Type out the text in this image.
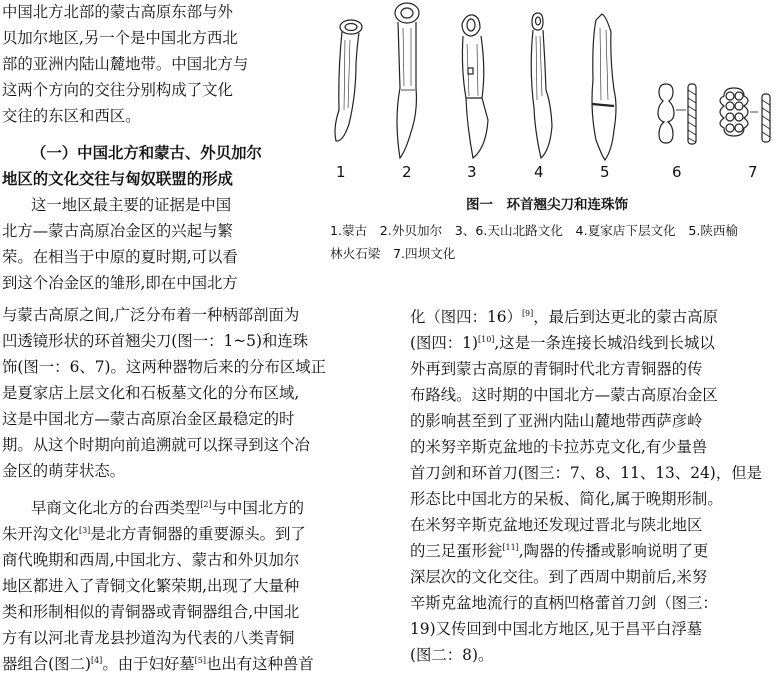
中国北方北部的蒙古高原东部与外
贝加尔地区,另一个是中国北方西北
部的亚洲内陆山麓地带。中国北方与
这两个方向的交往分别构成了文化
交往的东区和西区。
（一）中国北方和蒙古、外贝加尔
地区的文化交往与匈奴联盟的形成
这一地区最主要的证据是中国
北方—蒙古高原冶金区的兴起与繁
荣。在相当于中原的夏时期,可以看
到这个冶金区的雏形,即在中国北方
与蒙古高原之间,广泛分布着一种柄部剖面为
凹透镜形状的环首翘尖刀(图一：1~5)和连珠
饰(图一：6、7)。这两种器物后来的分布区域正
是夏家店上层文化和石板墓文化的分布区域,
这是中国北方—蒙古高原冶金区最稳定的时
期。从这个时期向前追溯就可以探寻到这个冶
金区的萌芽状态。
早商文化北方的台西类型[2]与中国北方的
朱开沟文化[3]是北方青铜器的重要源头。到了
商代晚期和西周,中国北方、蒙古和外贝加尔
地区都进入了青铜文化繁荣期,出现了大量种
类和形制相似的青铜器或青铜器组合,中国北
方有以河北青龙县抄道沟为代表的八类青铜
器组合(图二)[4]。由于妇好墓[5]也出有这种兽首
化（图四：16）[9]，最后到达更北的蒙古高原
(图四：1)[10],这是一条连接长城沿线到长城以
外再到蒙古高原的青铜时代北方青铜器的传
布路线。这时期的中国北方—蒙古高原冶金区
的影响甚至到了亚洲内陆山麓地带西萨彦岭
的米努辛斯克盆地的卡拉苏克文化,有少量兽
首刀剑和环首刀(图三：7、8、11、13、24)，但是
形态比中国北方的呆板、简化,属于晚期形制。
在米努辛斯克盆地还发现过晋北与陕北地区
的三足蛋形瓮[11],陶器的传播或影响说明了更
深层次的文化交往。到了西周中期前后,米努
辛斯克盆地流行的直柄凹格蕾首刀剑（图三：
19)又传回到中国北方地区,见于昌平白浮墓
(图二：8)。
1	2	3	4	5	6	7
图一　环首翘尖刀和连珠饰
1.蒙古　2.外贝加尔　3、6.天山北路文化　4.夏家店下层文化　5.陕西榆
林火石梁　7.四坝文化
